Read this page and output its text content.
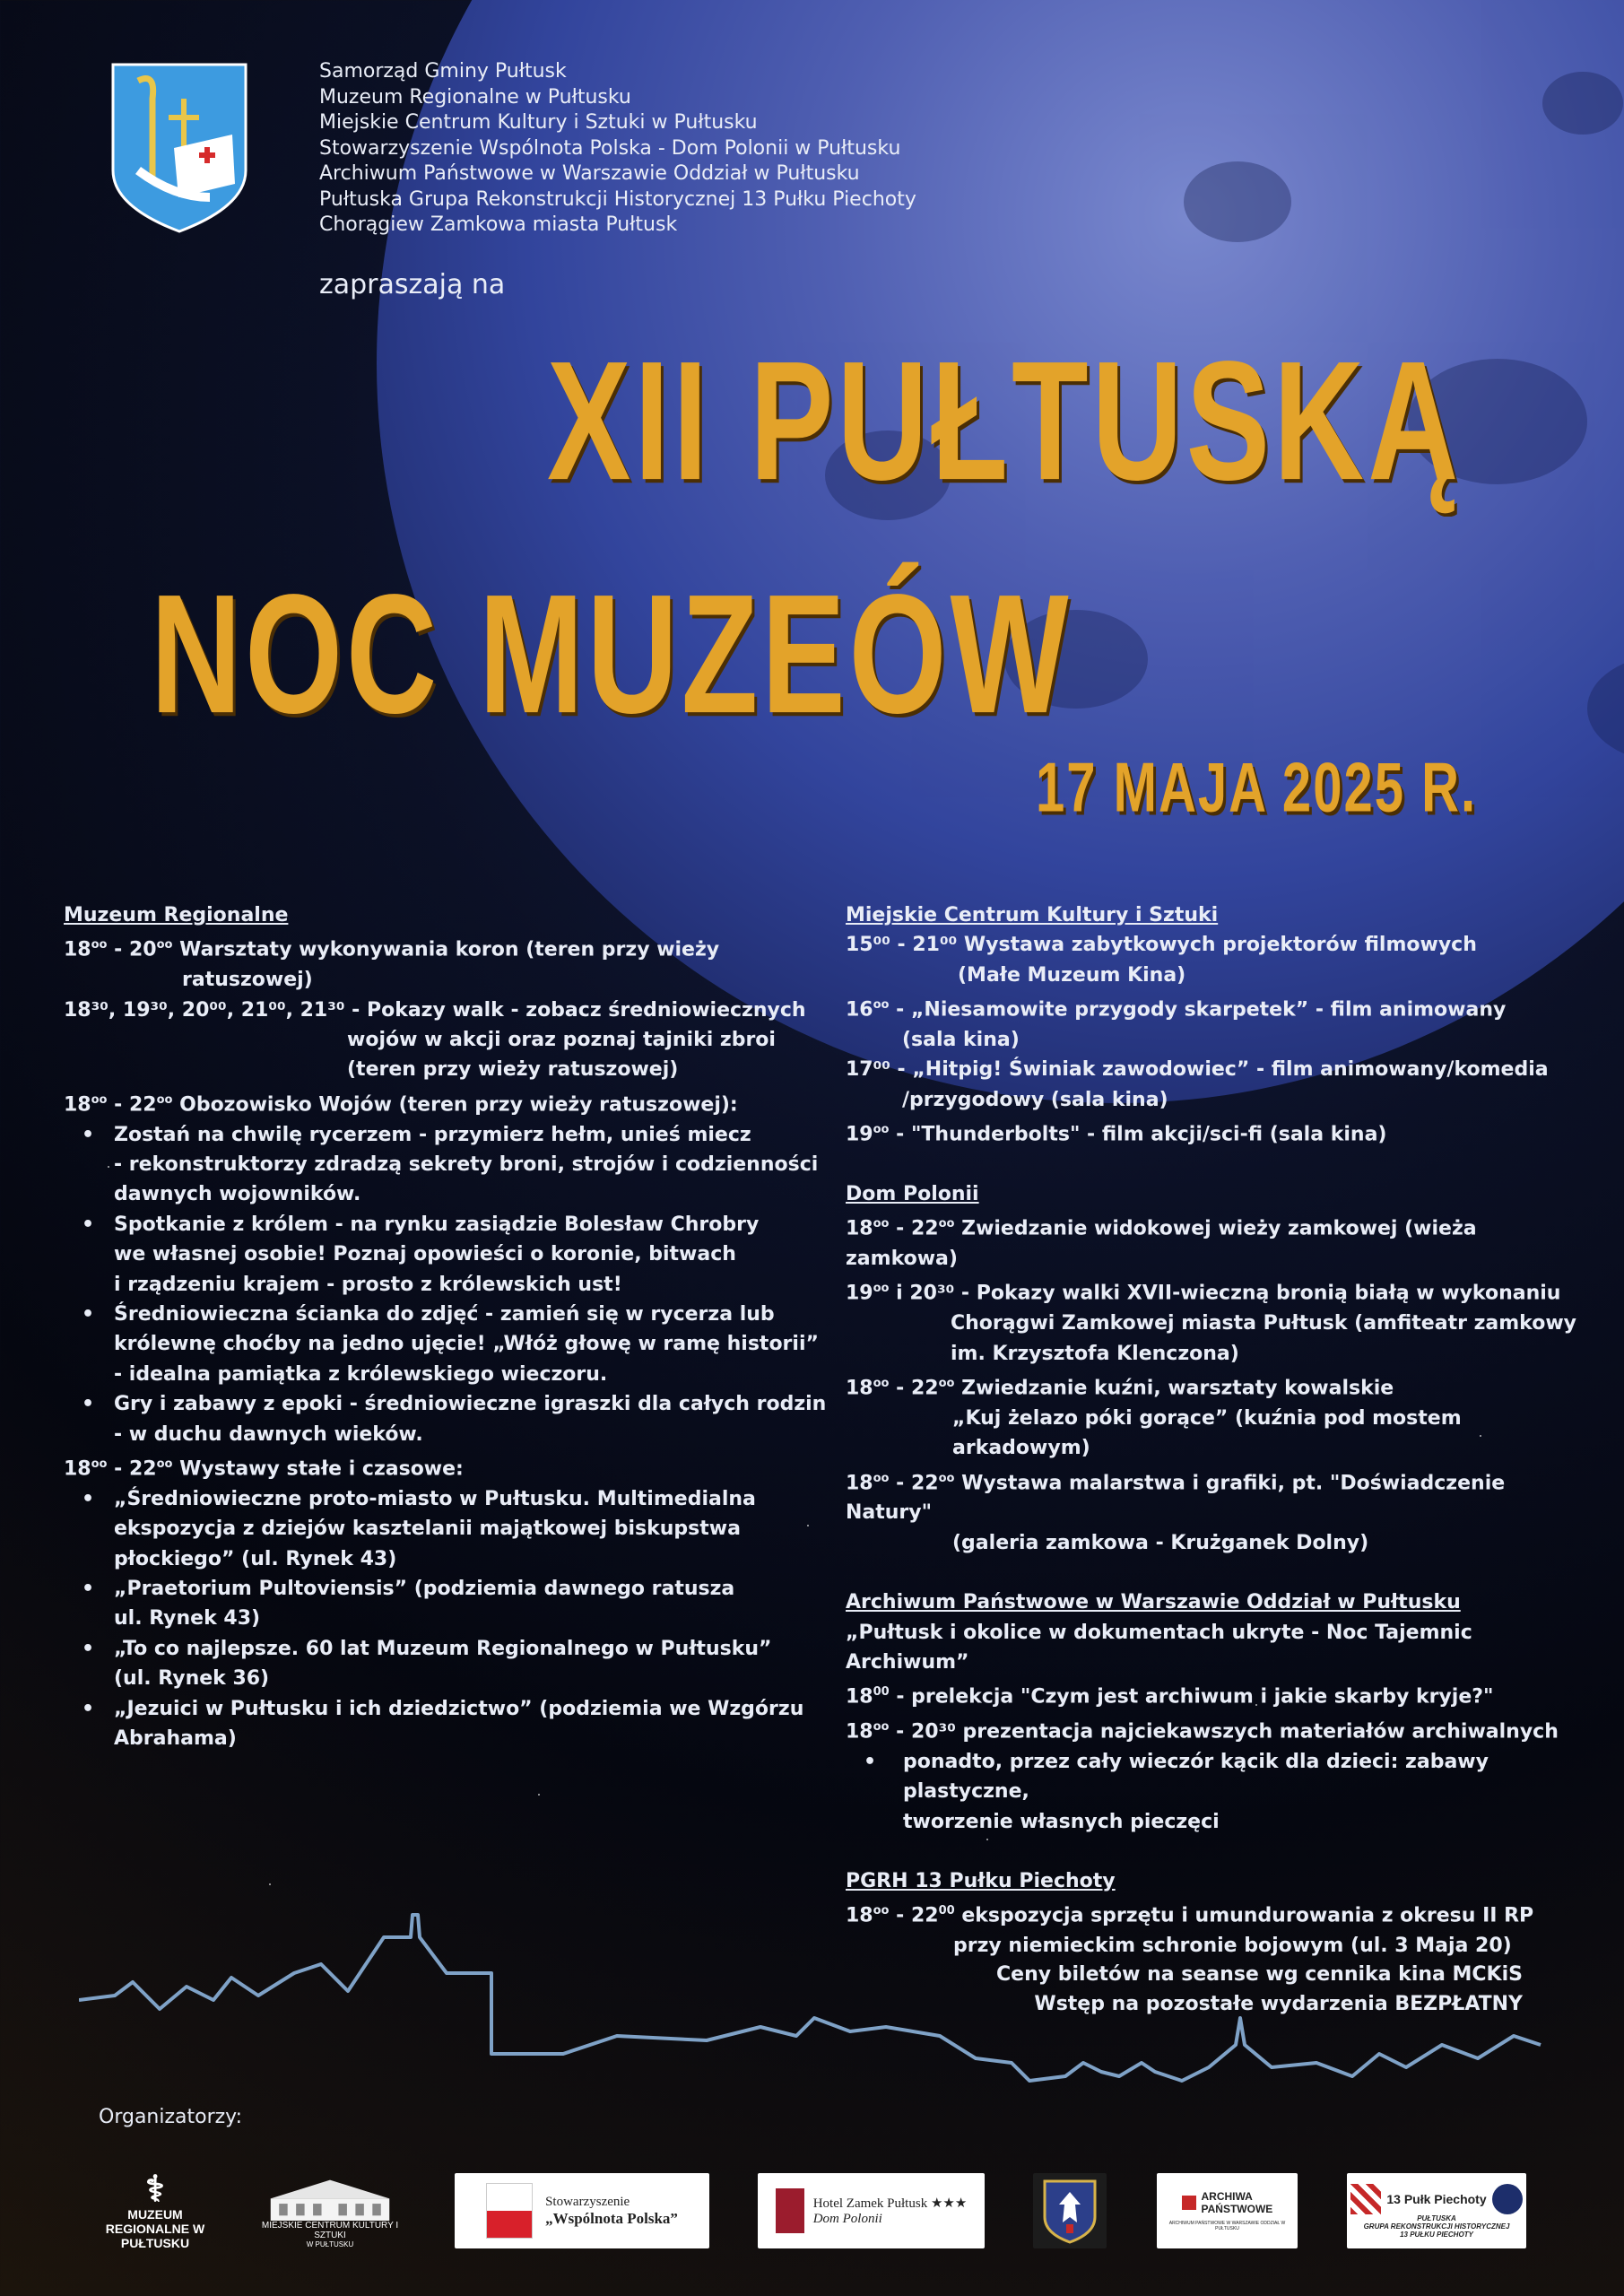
Samorząd Gminy Pułtusk
Muzeum Regionalne w Pułtusku
Miejskie Centrum Kultury i Sztuki w Pułtusku
Stowarzyszenie Wspólnota Polska - Dom Polonii w Pułtusku
Archiwum Państwowe w Warszawie Oddział w Pułtusku
Pułtuska Grupa Rekonstrukcji Historycznej 13 Pułku Piechoty
Chorągiew Zamkowa miasta Pułtusk
zapraszają na
XII PUŁTUSKĄ
NOC MUZEÓW
17 MAJA 2025 R.

Muzeum Regionalne

$18^{oo} - 20^{oo}$ Warsztaty wykonywania koron (teren przy wieży

ratuszowej)

18³⁰, 19³⁰, 20⁰⁰, 21⁰⁰, 21³⁰ - Pokazy walk - zobacz średniowiecznych

wojów w akcji oraz poznaj tajniki zbroi

(teren przy wieży ratuszowej)

$18^{oo} - 22^{oo}$ Obozowisko Wojów (teren przy wieży ratuszowej):

• Zostań na chwilę rycerzem - przymierz hełm, unieś miecz

- rekonstruktorzy zdradzą sekrety broni, strojów i codzienności

dawnych wojowników.

• Spotkanie z królem - na rynku zasiądzie Bolesław Chrobry

we własnej osobie! Poznaj opowieści o koronie, bitwach

i rządzeniu krajem - prosto z królewskich ust!

• Średniowieczna ścianka do zdjęć - zamień się w rycerza lub

królewnę choćby na jedno ujęcie! „Włóż głowę w ramę historii”

- idealna pamiątka z królewskiego wieczoru.

• Gry i zabawy z epoki - średniowieczne igraszki dla całych rodzin

- w duchu dawnych wieków.

$18^{oo} - 22^{oo}$ Wystawy stałe i czasowe:

• „Średniowieczne proto-miasto w Pułtusku. Multimedialna

ekspozycja z dziejów kasztelanii majątkowej biskupstwa

płockiego” (ul. Rynek 43)

• „Praetorium Pultoviensis” (podziemia dawnego ratusza

ul. Rynek 43)

• „To co najlepsze. 60 lat Muzeum Regionalnego w Pułtusku”

(ul. Rynek 36)

• „Jezuici w Pułtusku i ich dziedzictwo” (podziemia we Wzgórzu

Abrahama)

Miejskie Centrum Kultury i Sztuki

15⁰⁰ - 21⁰⁰ Wystawa zabytkowych projektorów filmowych

(Małe Muzeum Kina)

$16^{oo}$ - „Niesamowite przygody skarpetek” - film animowany

(sala kina)

17⁰⁰ - „Hitpig! Świniak zawodowiec” - film animowany/komedia

/przygodowy (sala kina)

$19^{oo}$ - "Thunderbolts" - film akcji/sci-fi (sala kina)

Dom Polonii

$18^{oo} - 22^{oo}$ Zwiedzanie widokowej wieży zamkowej (wieża zamkowa)

$19^{oo}$ i 20³⁰ - Pokazy walki XVII-wieczną bronią białą w wykonaniu

Chorągwi Zamkowej miasta Pułtusk (amfiteatr zamkowy

im. Krzysztofa Klenczona)

$18^{oo} - 22^{oo}$ Zwiedzanie kuźni, warsztaty kowalskie

„Kuj żelazo póki gorące” (kuźnia pod mostem

arkadowym)

$18^{oo} - 22^{oo}$ Wystawa malarstwa i grafiki, pt. "Doświadczenie Natury"

(galeria zamkowa - Krużganek Dolny)

Archiwum Państwowe w Warszawie Oddział w Pułtusku

„Pułtusk i okolice w dokumentach ukryte - Noc Tajemnic Archiwum”

$18^{00}$ - prelekcja "Czym jest archiwum i jakie skarby kryje?"

$18^{oo} - 20^{30}$ prezentacja najciekawszych materiałów archiwalnych

• ponadto, przez cały wieczór kącik dla dzieci: zabawy plastyczne,

tworzenie własnych pieczęci

PGRH 13 Pułku Piechoty

$18^{oo} - 22^{00}$ ekspozycja sprzętu i umundurowania z okresu II RP

przy niemieckim schronie bojowym (ul. 3 Maja 20)

Ceny biletów na seanse wg cennika kina MCKiS
Wstęp na pozostałe wydarzenia BEZPŁATNY
Organizatorzy:
⚕
MUZEUM REGIONALNE W PUŁTUSKU
MIEJSKIE CENTRUM KULTURY I SZTUKI
W PUŁTUSKU
Stowarzyszenie
„Wspólnota Polska”
Hotel Zamek Pułtusk ★★★
Dom Polonii
ARCHIWA PAŃSTWOWE
ARCHIWUM PAŃSTWOWE W WARSZAWIE ODDZIAŁ W PUŁTUSKU
13 Pułk Piechoty
PUŁTUSKA
GRUPA REKONSTRUKCJI HISTORYCZNEJ
13 PUŁKU PIECHOTY
